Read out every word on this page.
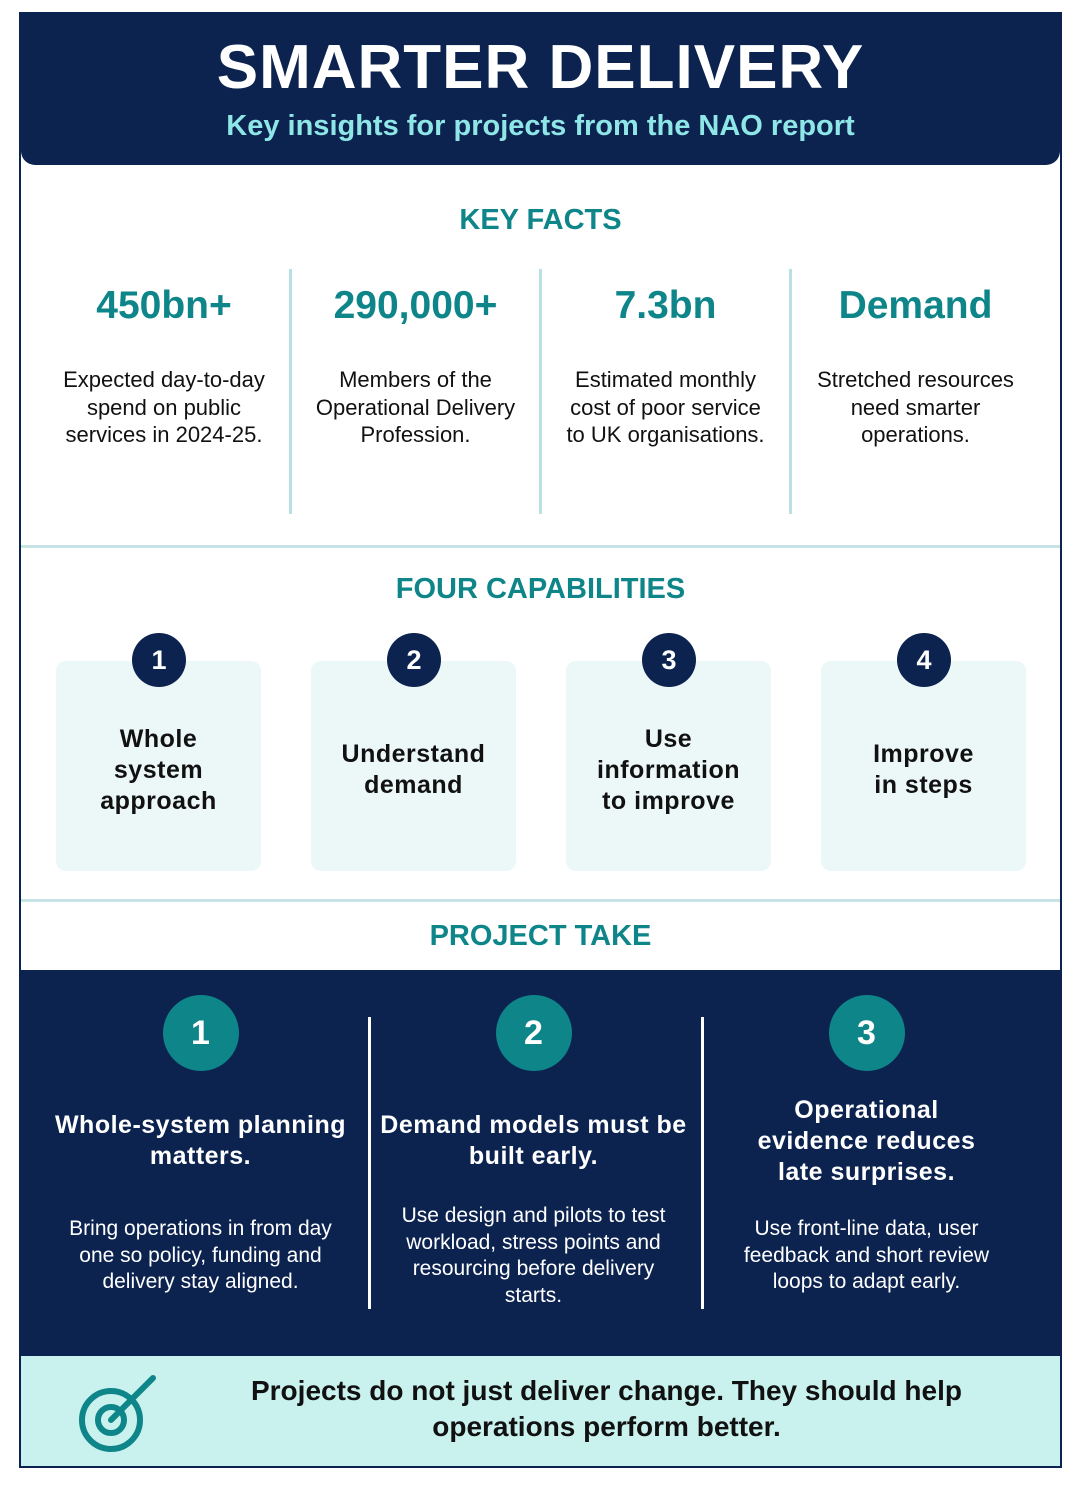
SMARTER DELIVERY
Key insights for projects from the NAO report
KEY FACTS
450bn+
Expected day-to-day spend on public services in 2024-25.
290,000+
Members of the Operational Delivery Profession.
7.3bn
Estimated monthly cost of poor service to UK organisations.
Demand
Stretched resources need smarter operations.
FOUR CAPABILITIES
Whole system approach
Understand demand
Use information to improve
Improve in steps
1	2	3	4
PROJECT TAKE
1
Whole-system planning matters.
Bring operations in from day one so policy, funding and delivery stay aligned.
2
Demand models must be built early.
Use design and pilots to test workload, stress points and resourcing before delivery starts.
3
Operational evidence reduces late surprises.
Use front-line data, user feedback and short review loops to adapt early.
Projects do not just deliver change. They should help operations perform better.
